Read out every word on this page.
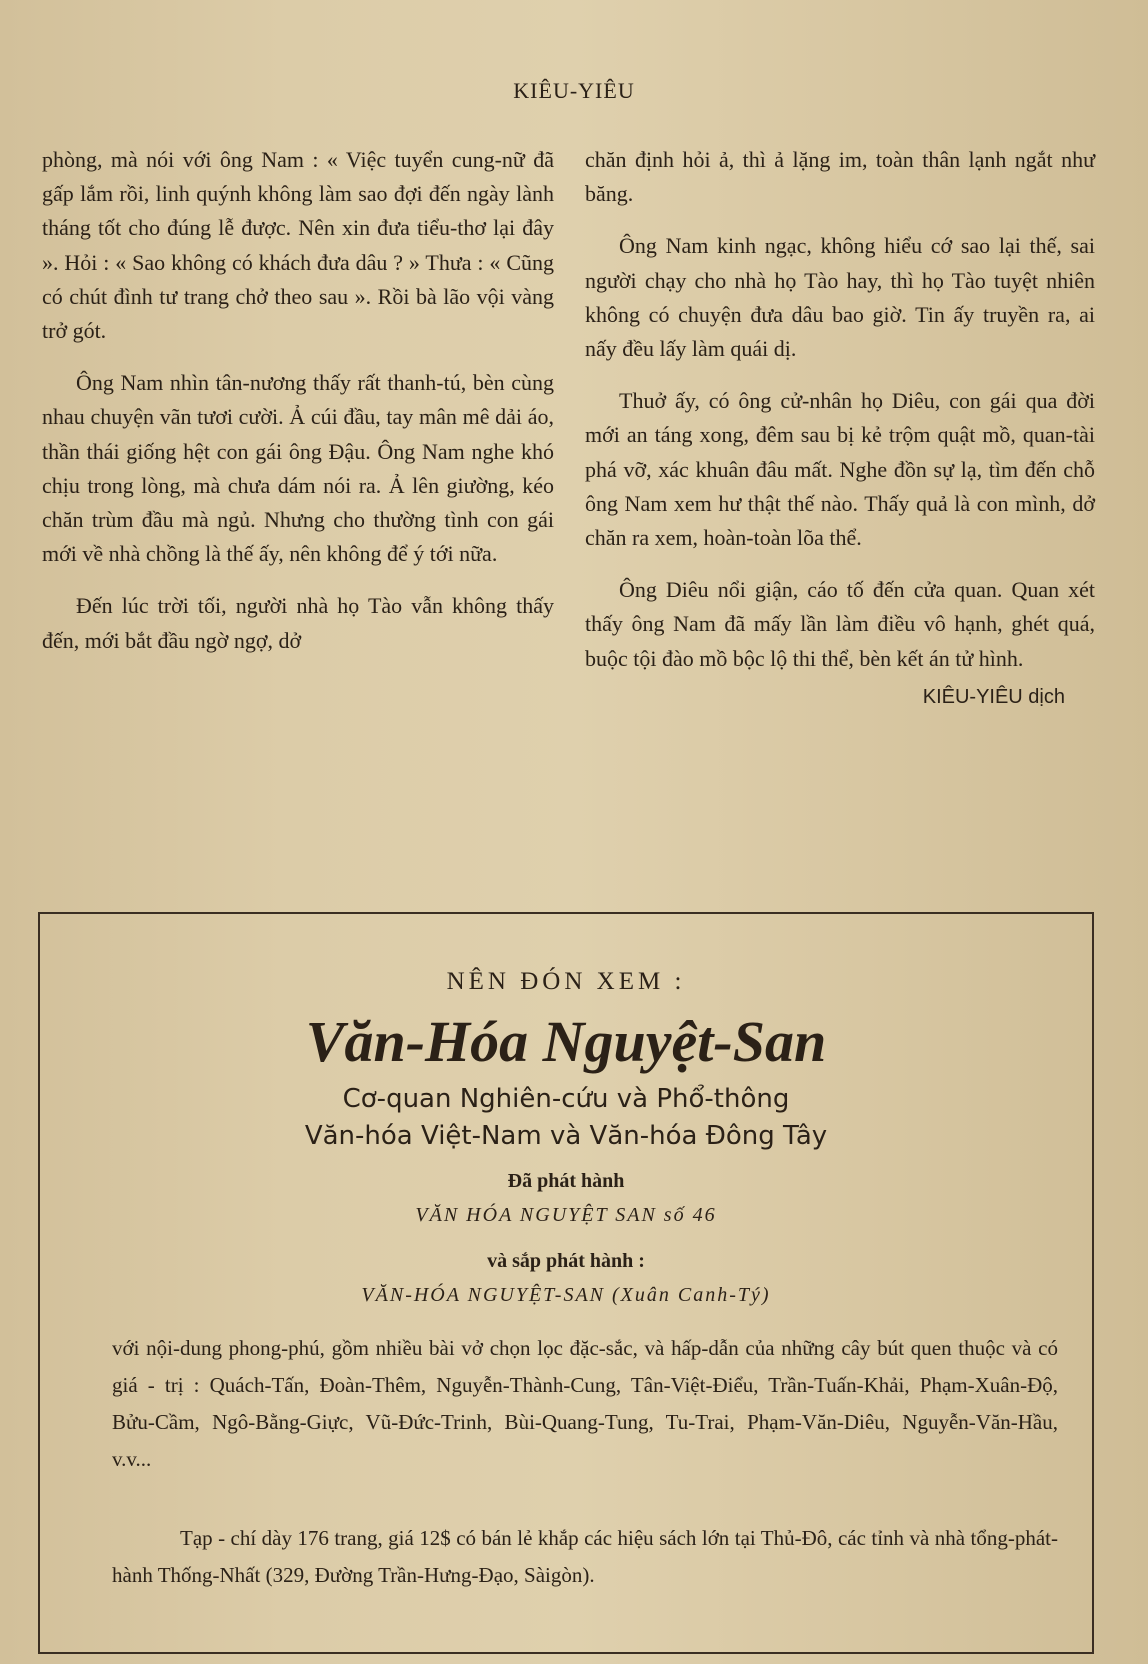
KIÊU-YIÊU

phòng, mà nói với ông Nam : « Việc tuyển cung-nữ đã gấp lắm rồi, linh quýnh không làm sao đợi đến ngày lành tháng tốt cho đúng lễ được. Nên xin đưa tiểu-thơ lại đây ». Hỏi : « Sao không có khách đưa dâu ? » Thưa : « Cũng có chút đình tư trang chở theo sau ». Rồi bà lão vội vàng trở gót.

Ông Nam nhìn tân-nương thấy rất thanh-tú, bèn cùng nhau chuyện vãn tươi cười. Ả cúi đầu, tay mân mê dải áo, thần thái giống hệt con gái ông Đậu. Ông Nam nghe khó chịu trong lòng, mà chưa dám nói ra. Ả lên giường, kéo chăn trùm đầu mà ngủ. Nhưng cho thường tình con gái mới về nhà chồng là thế ấy, nên không để ý tới nữa.

Đến lúc trời tối, người nhà họ Tào vẫn không thấy đến, mới bắt đầu ngờ ngợ, dở

chăn định hỏi ả, thì ả lặng im, toàn thân lạnh ngắt như băng.

Ông Nam kinh ngạc, không hiểu cớ sao lại thế, sai người chạy cho nhà họ Tào hay, thì họ Tào tuyệt nhiên không có chuyện đưa dâu bao giờ. Tin ấy truyền ra, ai nấy đều lấy làm quái dị.

Thuở ấy, có ông cử-nhân họ Diêu, con gái qua đời mới an táng xong, đêm sau bị kẻ trộm quật mồ, quan-tài phá vỡ, xác khuân đâu mất. Nghe đồn sự lạ, tìm đến chỗ ông Nam xem hư thật thế nào. Thấy quả là con mình, dở chăn ra xem, hoàn-toàn lõa thể.

Ông Diêu nổi giận, cáo tố đến cửa quan. Quan xét thấy ông Nam đã mấy lần làm điều vô hạnh, ghét quá, buộc tội đào mồ bộc lộ thi thể, bèn kết án tử hình.

KIÊU-YIÊU dịch
NÊN ĐÓN XEM :
Văn-Hóa Nguyệt-San
Cơ-quan Nghiên-cứu và Phổ-thông
Văn-hóa Việt-Nam và Văn-hóa Đông Tây
Đã phát hành
VĂN HÓA NGUYỆT SAN số 46
và sắp phát hành :
VĂN-HÓA NGUYỆT-SAN (Xuân Canh-Tý)
với nội-dung phong-phú, gồm nhiều bài vở chọn lọc đặc-sắc, và hấp-dẫn của những cây bút quen thuộc và có giá - trị : Quách-Tấn, Đoàn-Thêm, Nguyễn-Thành-Cung, Tân-Việt-Điểu, Trần-Tuấn-Khải, Phạm-Xuân-Độ, Bửu-Cầm, Ngô-Bằng-Giực, Vũ-Đức-Trinh, Bùi-Quang-Tung, Tu-Trai, Phạm-Văn-Diêu, Nguyễn-Văn-Hầu, v.v...
Tạp - chí dày 176 trang, giá 12$ có bán lẻ khắp các hiệu sách lớn tại Thủ-Đô, các tỉnh và nhà tổng-phát-hành Thống-Nhất (329, Đường Trần-Hưng-Đạo, Sàigòn).
